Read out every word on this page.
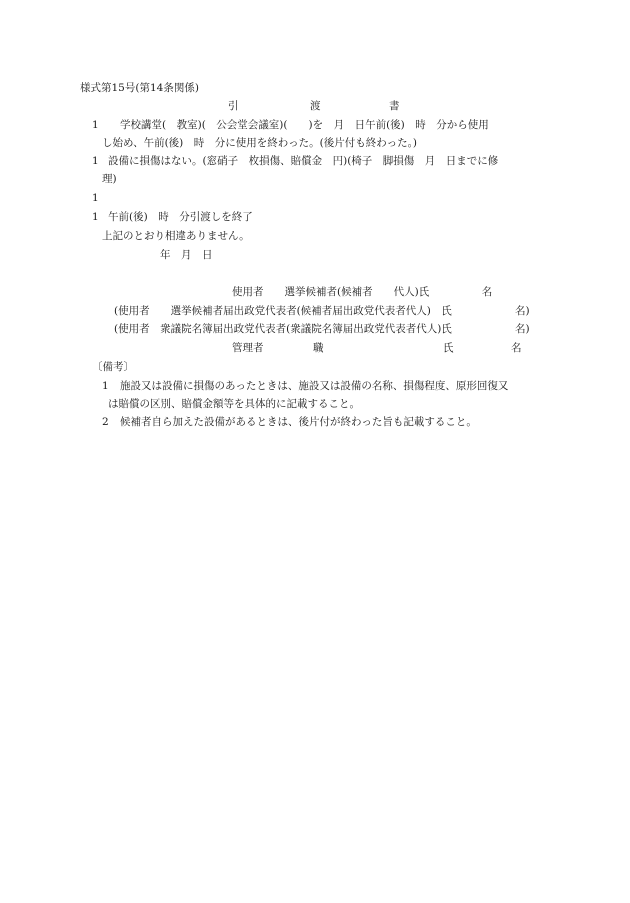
様式第15号(第14条関係)
引	渡	書
1 学校講堂(　教室)(　公会堂会議室)(　　)を　月　日午前(後)　時　分から使用
し始め、午前(後)　時　分に使用を終わった。(後片付も終わった。)
1 設備に損傷はない。(窓硝子　枚損傷、賠償金　円)(椅子　脚損傷　月　日までに修
理)
1
1 午前(後)　時　分引渡しを終了
上記のとおり相違ありません。
年　月　日
使用者　　選挙候補者(候補者　　代人)氏　　　　　名
(使用者　　選挙候補者届出政党代表者(候補者届出政党代表者代人)　氏	名)
(使用者　衆議院名簿届出政党代表者(衆議院名簿届出政党代表者代人)氏	名)
管理者	職	氏	名
〔備考〕
1 施設又は設備に損傷のあったときは、施設又は設備の名称、損傷程度、原形回復又
は賠償の区別、賠償金額等を具体的に記載すること。
2 候補者自ら加えた設備があるときは、後片付が終わった旨も記載すること。
